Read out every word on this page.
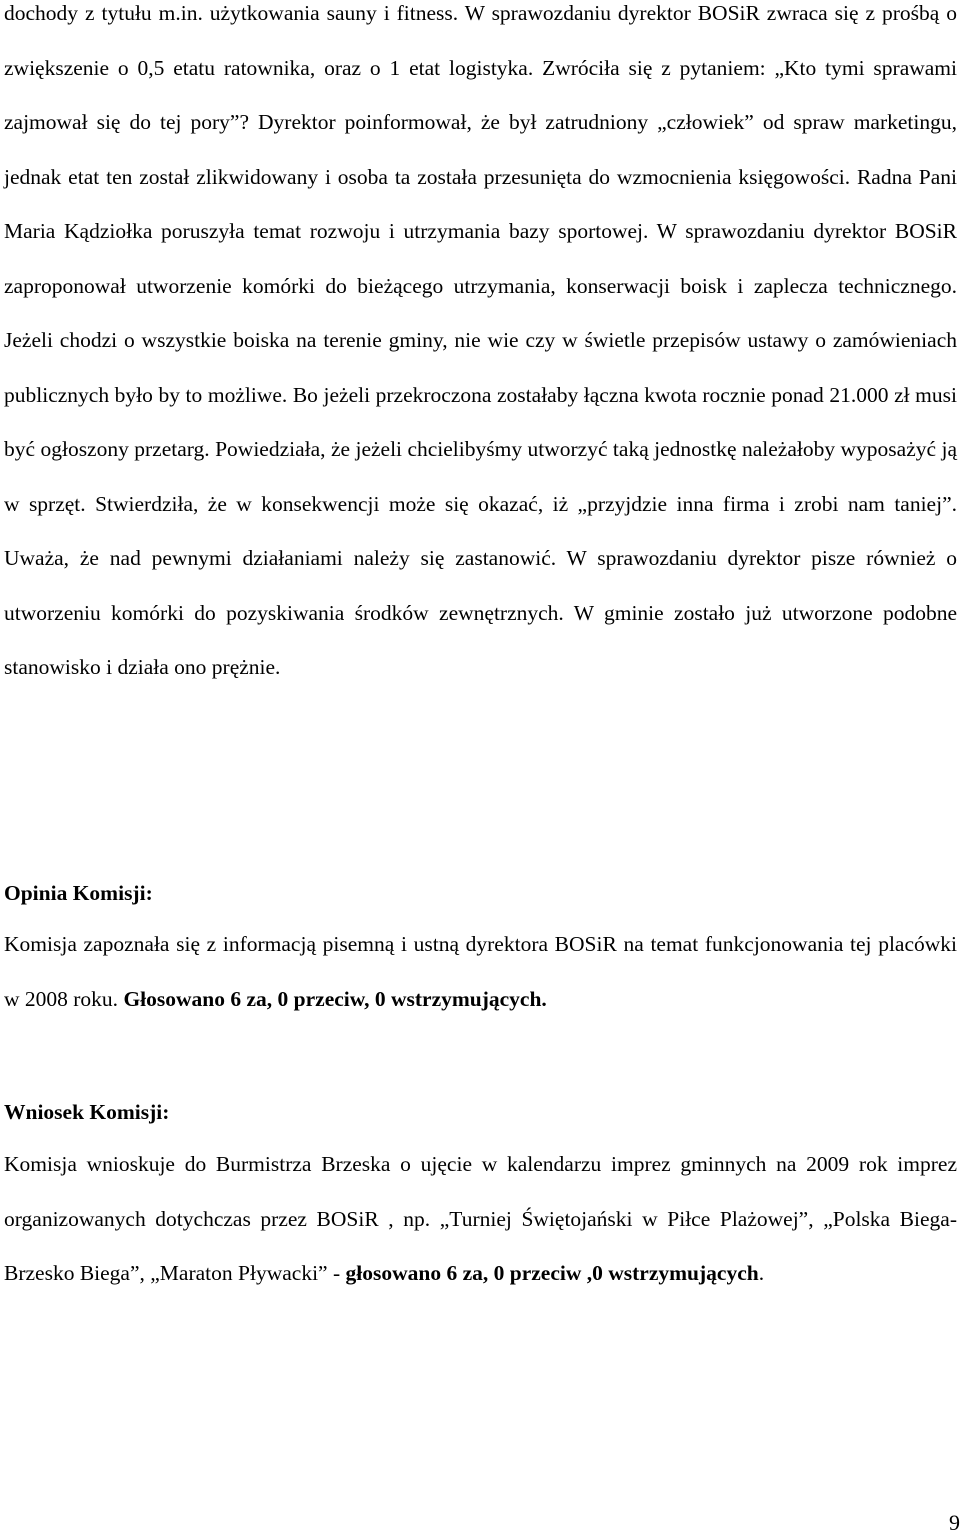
dochody z tytułu m.in. użytkowania sauny i fitness. W sprawozdaniu dyrektor BOSiR zwraca się z prośbą o zwiększenie o 0,5 etatu ratownika, oraz o 1 etat logistyka. Zwróciła się z pytaniem: „Kto tymi sprawami zajmował się do tej pory”? Dyrektor poinformował, że był zatrudniony „człowiek” od spraw marketingu, jednak etat ten został zlikwidowany i osoba ta została przesunięta do wzmocnienia księgowości. Radna Pani Maria Kądziołka poruszyła temat rozwoju i utrzymania bazy sportowej. W sprawozdaniu dyrektor BOSiR zaproponował utworzenie komórki do bieżącego utrzymania, konserwacji boisk i zaplecza technicznego. Jeżeli chodzi o wszystkie boiska na terenie gminy, nie wie czy w świetle przepisów ustawy o zamówieniach publicznych było by to możliwe. Bo jeżeli przekroczona zostałaby łączna kwota rocznie ponad 21.000 zł musi być ogłoszony przetarg. Powiedziała, że jeżeli chcielibyśmy utworzyć taką jednostkę należałoby wyposażyć ją w sprzęt. Stwierdziła, że w konsekwencji może się okazać, iż „przyjdzie inna firma i zrobi nam taniej”. Uważa, że nad pewnymi działaniami należy się zastanowić. W sprawozdaniu dyrektor pisze również o utworzeniu komórki do pozyskiwania środków zewnętrznych. W gminie zostało już utworzone podobne stanowisko i działa ono prężnie.

Opinia Komisji:

Komisja zapoznała się z informacją pisemną i ustną dyrektora BOSiR na temat funkcjonowania tej placówki w 2008 roku. Głosowano 6 za, 0 przeciw, 0 wstrzymujących.

Wniosek Komisji:

Komisja wnioskuje do Burmistrza Brzeska o ujęcie w kalendarzu imprez gminnych na 2009 rok imprez organizowanych dotychczas przez BOSiR , np. „Turniej Świętojański w Piłce Plażowej”, „Polska Biega-Brzesko Biega”, „Maraton Pływacki” - głosowano 6 za, 0 przeciw ,0 wstrzymujących.

9
